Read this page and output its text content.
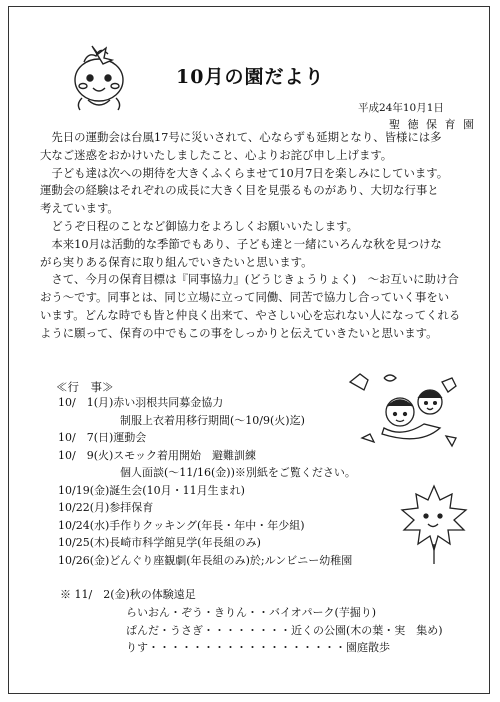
10月の園だより
平成24年10月1日
聖 徳 保 育 園

　先日の運動会は台風17号に災いされて、心ならずも延期となり、皆様には多

大なご迷惑をおかけいたしましたこと、心よりお詫び申し上げます。

　子ども達は次への期待を大きくふくらませて10月7日を楽しみにしています。

運動会の経験はそれぞれの成長に大きく目を見張るものがあり、大切な行事と

考えています。

　どうぞ日程のことなど御協力をよろしくお願いいたします。

　本来10月は活動的な季節でもあり、子ども達と一緒にいろんな秋を見つけな

がら実りある保育に取り組んでいきたいと思います。

　さて、今月の保育目標は『同事協力』(どうじきょうりょく)　～お互いに助け合

おう～です。同事とは、同じ立場に立って同働、同苦で協力し合っていく事をい

います。どんな時でも皆と仲良く出来て、やさしい心を忘れない人になってくれる

ように願って、保育の中でもこの事をしっかりと伝えていきたいと思います。

≪行　事≫
10/　1(月)赤い羽根共同募金協力
制服上衣着用移行期間(～10/9(火)迄)
10/　7(日)運動会
10/　9(火)スモック着用開始　避難訓練
個人面談(～11/16(金))※別紙をご覧ください。
10/19(金)誕生会(10月・11月生まれ)
10/22(月)参拝保育
10/24(水)手作りクッキング(年長・年中・年少組)
10/25(木)長崎市科学館見学(年長組のみ)
10/26(金)どんぐり座観劇(年長組のみ)於;ルンビニー幼稚園
※ 11/　2(金)秋の体験遠足
らいおん・ぞう・きりん・・バイオパーク(芋掘り)
ぱんだ・うさぎ・・・・・・・・近くの公園(木の葉・実　集め)
りす・・・・・・・・・・・・・・・・・・園庭散歩
